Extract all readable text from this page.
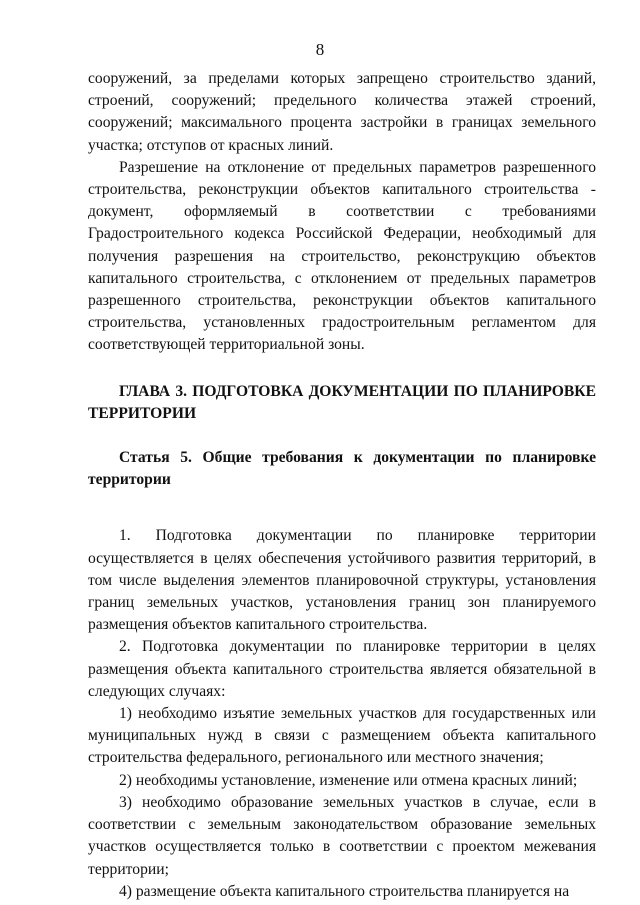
8

сооружений, за пределами которых запрещено строительство зданий, строений, сооружений; предельного количества этажей строений, сооружений; максимального процента застройки в границах земельного участка; отступов от красных линий.

Разрешение на отклонение от предельных параметров разрешенного строительства, реконструкции объектов капитального строительства - документ, оформляемый в соответствии с требованиями Градостроительного кодекса Российской Федерации, необходимый для получения разрешения на строительство, реконструкцию объектов капитального строительства, с отклонением от предельных параметров разрешенного строительства, реконструкции объектов капитального строительства, установленных градостроительным регламентом для соответствующей территориальной зоны.

ГЛАВА 3. ПОДГОТОВКА ДОКУМЕНТАЦИИ ПО ПЛАНИРОВКЕ ТЕРРИТОРИИ
Статья 5. Общие требования к документации по планировке территории

1. Подготовка документации по планировке территории осуществляется в целях обеспечения устойчивого развития территорий, в том числе выделения элементов планировочной структуры, установления границ земельных участков, установления границ зон планируемого размещения объектов капитального строительства.

2. Подготовка документации по планировке территории в целях размещения объекта капитального строительства является обязательной в следующих случаях:

1) необходимо изъятие земельных участков для государственных или муниципальных нужд в связи с размещением объекта капитального строительства федерального, регионального или местного значения;

2) необходимы установление, изменение или отмена красных линий;

3) необходимо образование земельных участков в случае, если в соответствии с земельным законодательством образование земельных участков осуществляется только в соответствии с проектом межевания территории;

4) размещение объекта капитального строительства планируется на
